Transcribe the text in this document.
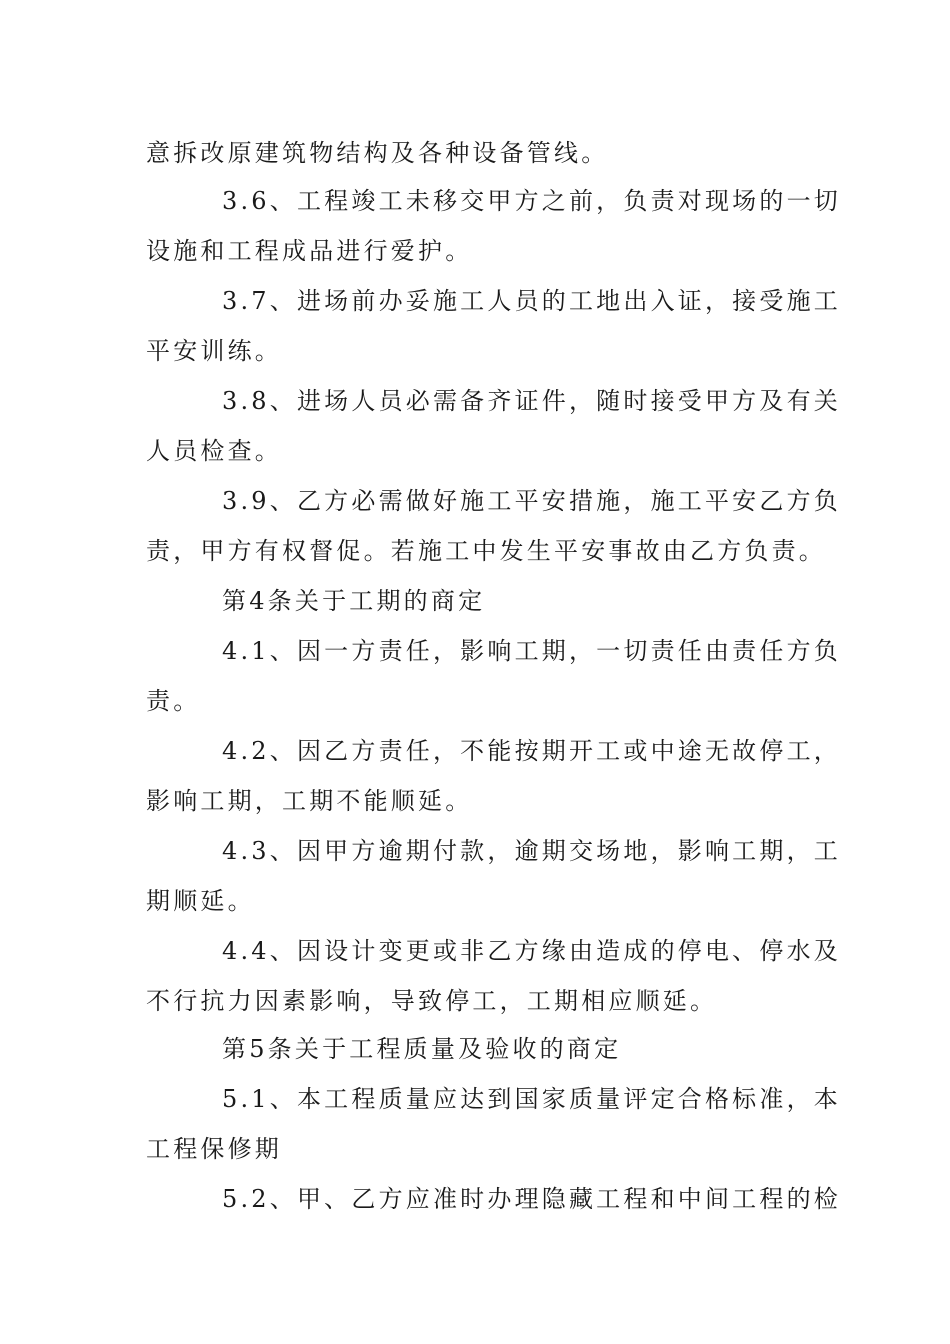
意拆改原建筑物结构及各种设备管线。
3.6、工程竣工未移交甲方之前，负责对现场的一切
设施和工程成品进行爱护。
3.7、进场前办妥施工人员的工地出入证，接受施工
平安训练。
3.8、进场人员必需备齐证件，随时接受甲方及有关
人员检查。
3.9、乙方必需做好施工平安措施，施工平安乙方负
责，甲方有权督促。若施工中发生平安事故由乙方负责。
第4条关于工期的商定
4.1、因一方责任，影响工期，一切责任由责任方负
责。
4.2、因乙方责任，不能按期开工或中途无故停工，
影响工期，工期不能顺延。
4.3、因甲方逾期付款，逾期交场地，影响工期，工
期顺延。
4.4、因设计变更或非乙方缘由造成的停电、停水及
不行抗力因素影响，导致停工，工期相应顺延。
第5条关于工程质量及验收的商定
5.1、本工程质量应达到国家质量评定合格标准，本
工程保修期
5.2、甲、乙方应准时办理隐藏工程和中间工程的检
